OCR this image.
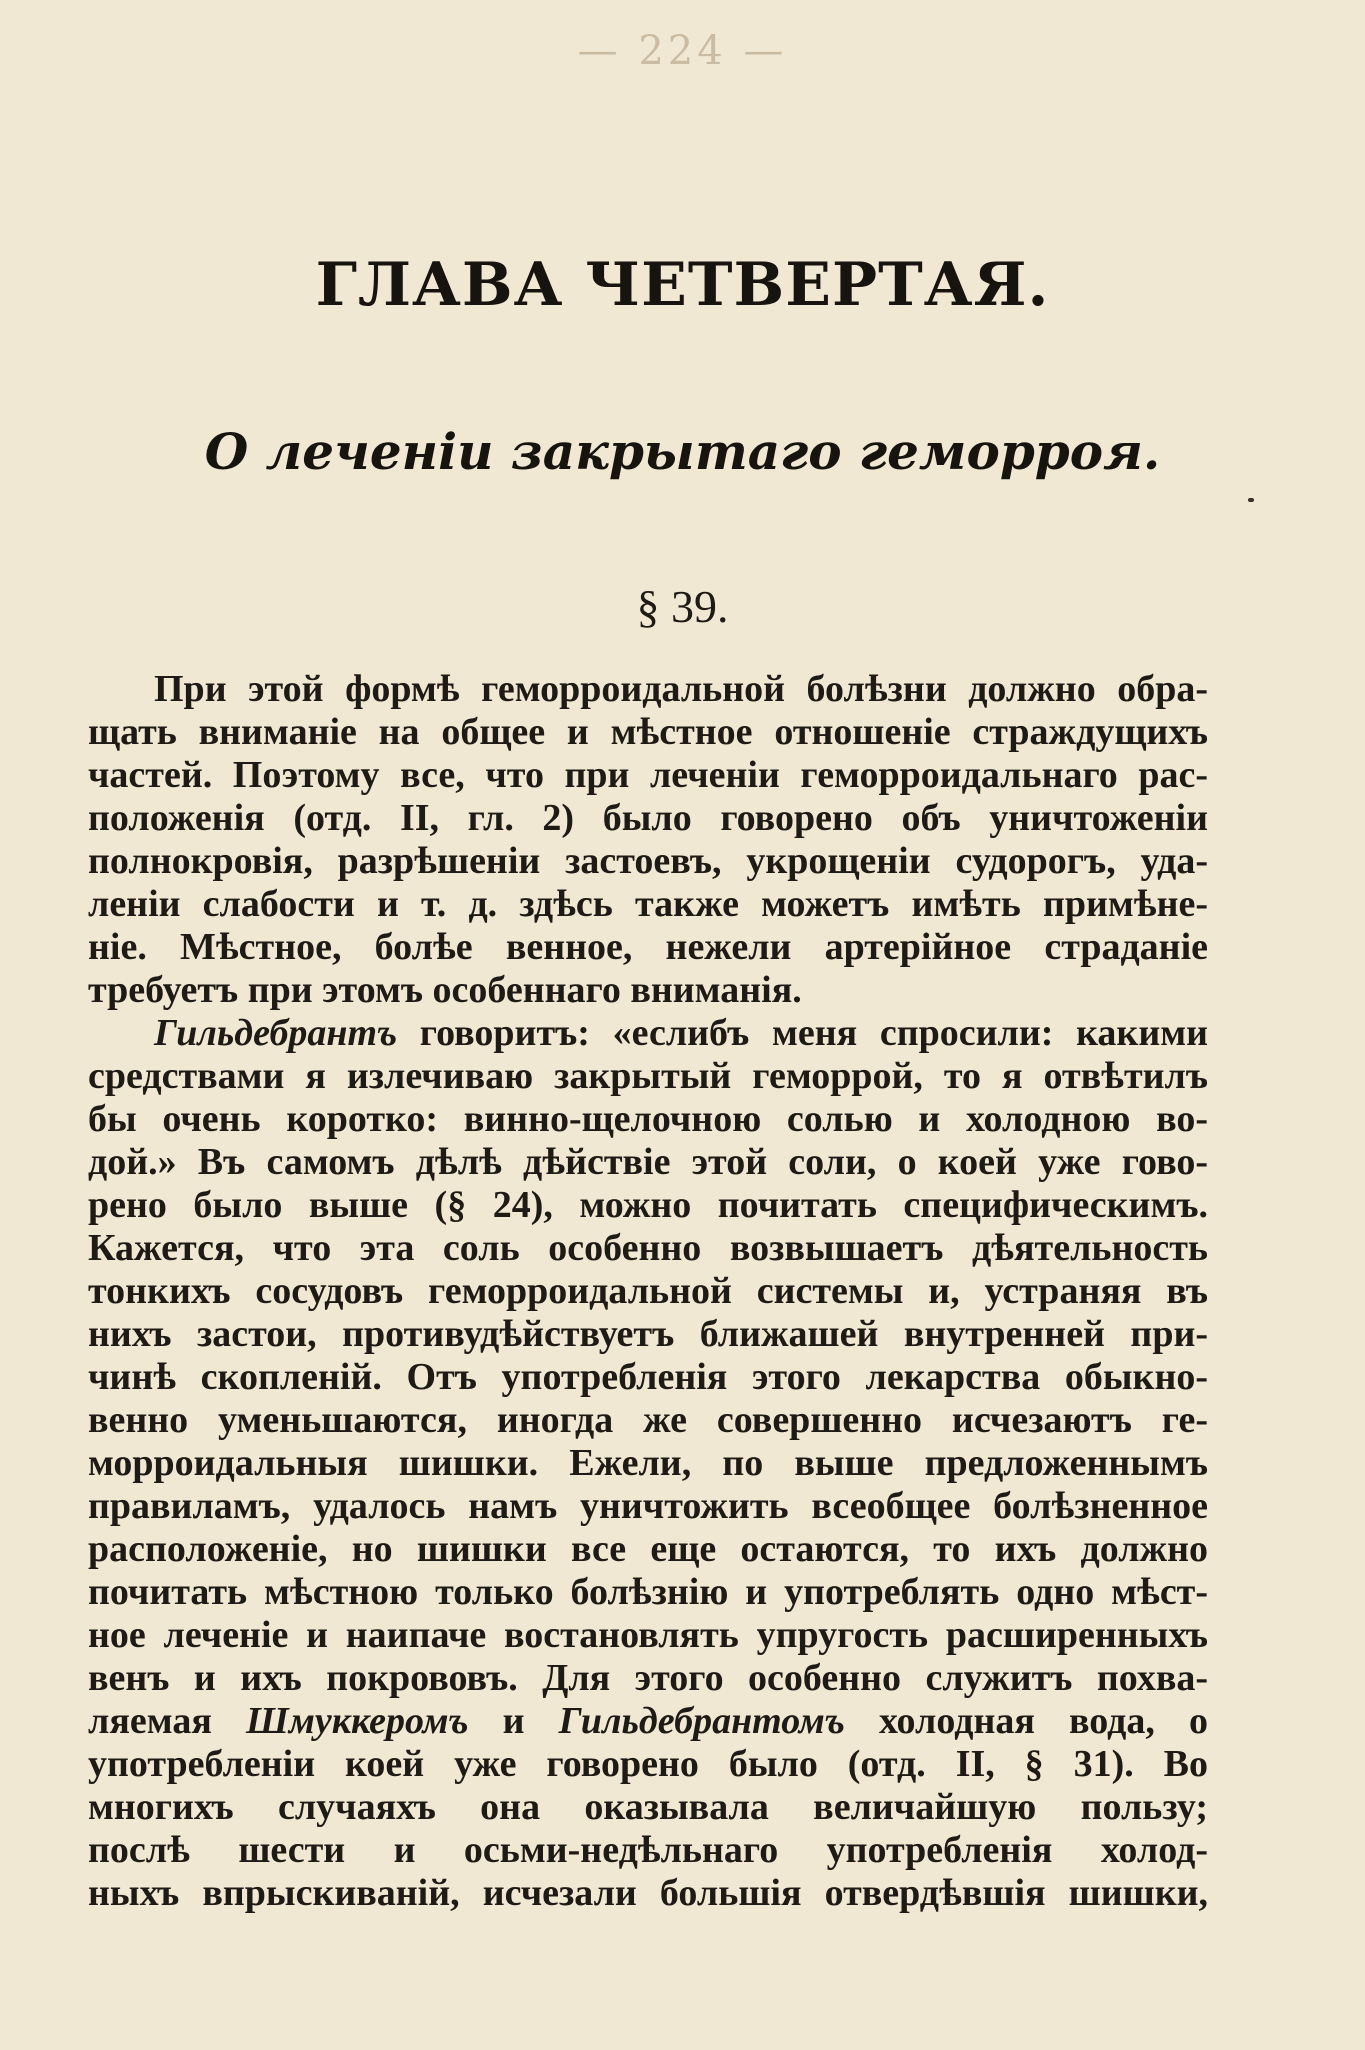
— 224 —
ГЛАВА ЧЕТВЕРТАЯ.
О леченіи закрытаго геморроя.
§ 39.
При этой формѣ геморроидальной болѣзни должно обра-
щать вниманіе на общее и мѣстное отношеніе страждущихъ
частей. Поэтому все, что при леченіи геморроидальнаго рас-
положенія (отд. II, гл. 2) было говорено объ уничтоженіи
полнокровія, разрѣшеніи застоевъ, укрощеніи судорогъ, уда-
леніи слабости и т. д. здѣсь также можетъ имѣть примѣне-
ніе. Мѣстное, болѣе венное, нежели артерійное страданіе
требуетъ при этомъ особеннаго вниманія.
Гильдебрантъ говоритъ: «еслибъ меня спросили: какими
средствами я излечиваю закрытый геморрой, то я отвѣтилъ
бы очень коротко: винно-щелочною солью и холодною во-
дой.» Въ самомъ дѣлѣ дѣйствіе этой соли, о коей уже гово-
рено было выше (§ 24), можно почитать специфическимъ.
Кажется, что эта соль особенно возвышаетъ дѣятельность
тонкихъ сосудовъ геморроидальной системы и, устраняя въ
нихъ застои, противудѣйствуетъ ближашей внутренней при-
чинѣ скопленій. Отъ употребленія этого лекарства обыкно-
венно уменьшаются, иногда же совершенно исчезаютъ ге-
морроидальныя шишки. Ежели, по выше предложеннымъ
правиламъ, удалось намъ уничтожить всеобщее болѣзненное
расположеніе, но шишки все еще остаются, то ихъ должно
почитать мѣстною только болѣзнію и употреблять одно мѣст-
ное леченіе и наипаче востановлять упругость расширенныхъ
венъ и ихъ покрововъ. Для этого особенно служитъ похва-
ляемая Шмуккеромъ и Гильдебрантомъ холодная вода, о
употребленіи коей уже говорено было (отд. II, § 31). Во
многихъ случаяхъ она оказывала величайшую пользу;
послѣ шести и осьми-недѣльнаго употребленія холод-
ныхъ впрыскиваній, исчезали большія отвердѣвшія шишки,
